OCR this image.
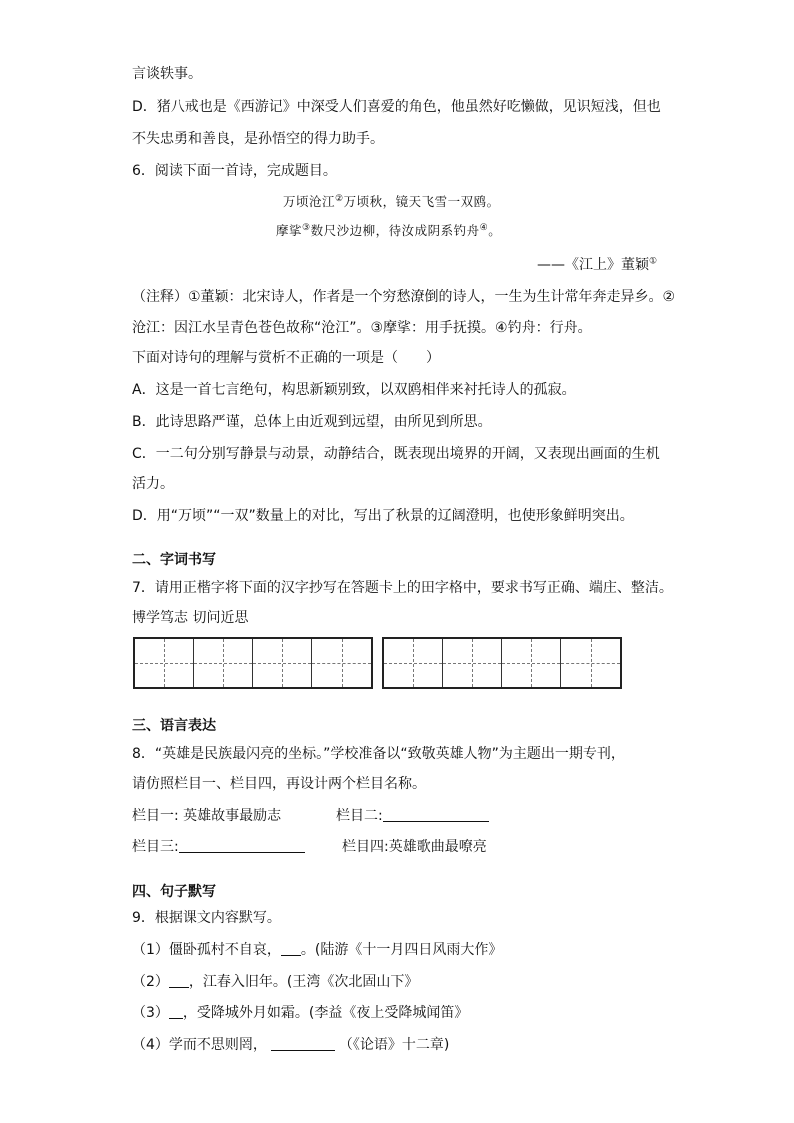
言谈轶事。
D．猪八戒也是《西游记》中深受人们喜爱的角色，他虽然好吃懒做，见识短浅，但也
不失忠勇和善良，是孙悟空的得力助手。
6．阅读下面一首诗，完成题目。
万顷沧江②万顷秋，镜天飞雪一双鸥。
摩挲③数尺沙边柳，待汝成阴系钓舟④。
——《江上》董颖①
（注释）①董颖：北宋诗人，作者是一个穷愁潦倒的诗人，一生为生计常年奔走异乡。②
沧江：因江水呈青色苍色故称“沧江”。③摩挲：用手抚摸。④钓舟：行舟。
下面对诗句的理解与赏析不正确的一项是（　　）
A．这是一首七言绝句，构思新颖别致，以双鸥相伴来衬托诗人的孤寂。
B．此诗思路严谨，总体上由近观到远望，由所见到所思。
C．一二句分别写静景与动景，动静结合，既表现出境界的开阔，又表现出画面的生机
活力。
D．用“万顷”“一双”数量上的对比，写出了秋景的辽阔澄明，也使形象鲜明突出。
二、字词书写
7．请用正楷字将下面的汉字抄写在答题卡上的田字格中，要求书写正确、端庄、整洁。
博学笃志 切问近思
三、语言表达
8．“英雄是民族最闪亮的坐标。”学校准备以“致敬英雄人物”为主题出一期专刊，
请仿照栏目一、栏目四，再设计两个栏目名称。
栏目一: 英雄故事最励志	栏目二:
栏目三:	栏目四:英雄歌曲最嘹亮
四、句子默写
9．根据课文内容默写。
（1）僵卧孤村不自哀， 。(陆游《十一月四日风雨大作》
（2） ，江春入旧年。(王湾《次北固山下》
（3） ，受降城外月如霜。(李益《夜上受降城闻笛》
（4）学而不思则罔，	（《论语》十二章)
